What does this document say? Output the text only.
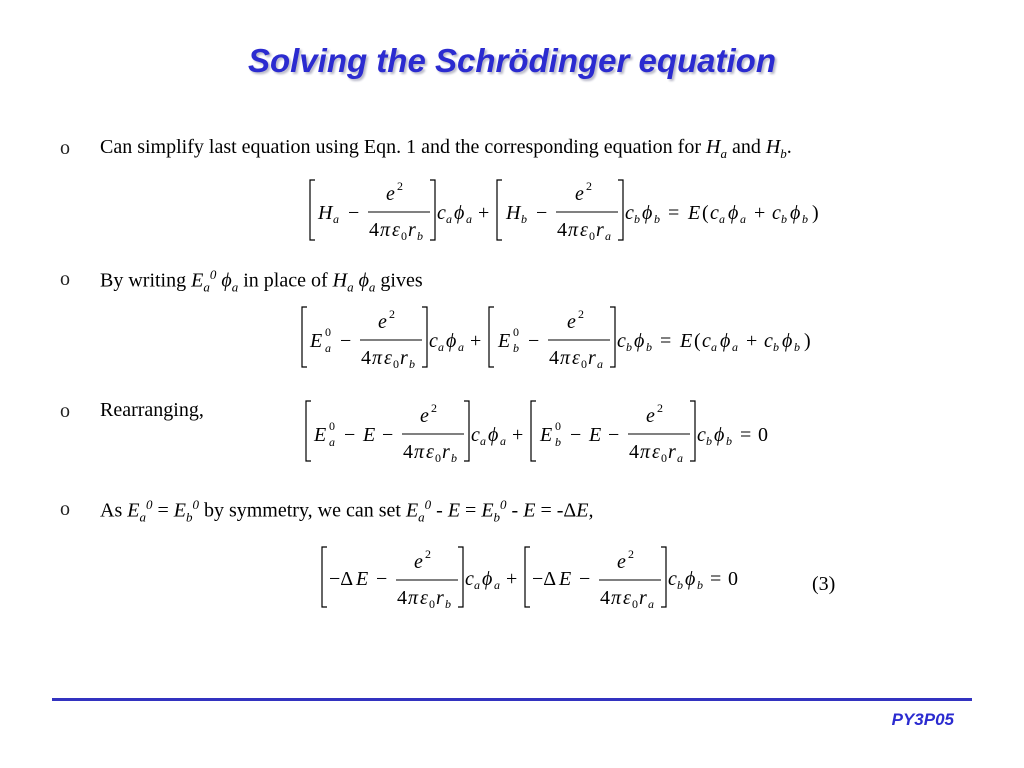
Solving the Schrödinger equation
o Can simplify last equation using Eqn. 1 and the corresponding equation for $H_a$ and $H_b$.
H a −
e 2
4 π ε 0 r b
c a ϕ a + H b −
e 2
4 π ε 0 r a
c b ϕ b = E ( c a ϕ a + c b ϕ b )
o By writing $E_a^0$ $\phi_a$ in place of $H_a$ $\phi_a$ gives
E 0
a −
e 2
4 π ε 0 r b
c a ϕ a + E 0
b −
e 2
4 π ε 0 r a
c b ϕ b = E ( c a ϕ a + c b ϕ b )
o Rearranging,
E 0
a − E −
e 2
4 π ε 0 r b
c a ϕ a + E 0
b − E −
e 2
4 π ε 0 r a
c b ϕ b = 0
o As $E_a^0 = E_b^0$ by symmetry, we can set $E_a^0 - E = E_b^0 - E = -\Delta E$,
−Δ E −
e 2
4 π ε 0 r b
c a ϕ a + −Δ E −
e 2
4 π ε 0 r a
c b ϕ b = 0	(3)
PY3P05
